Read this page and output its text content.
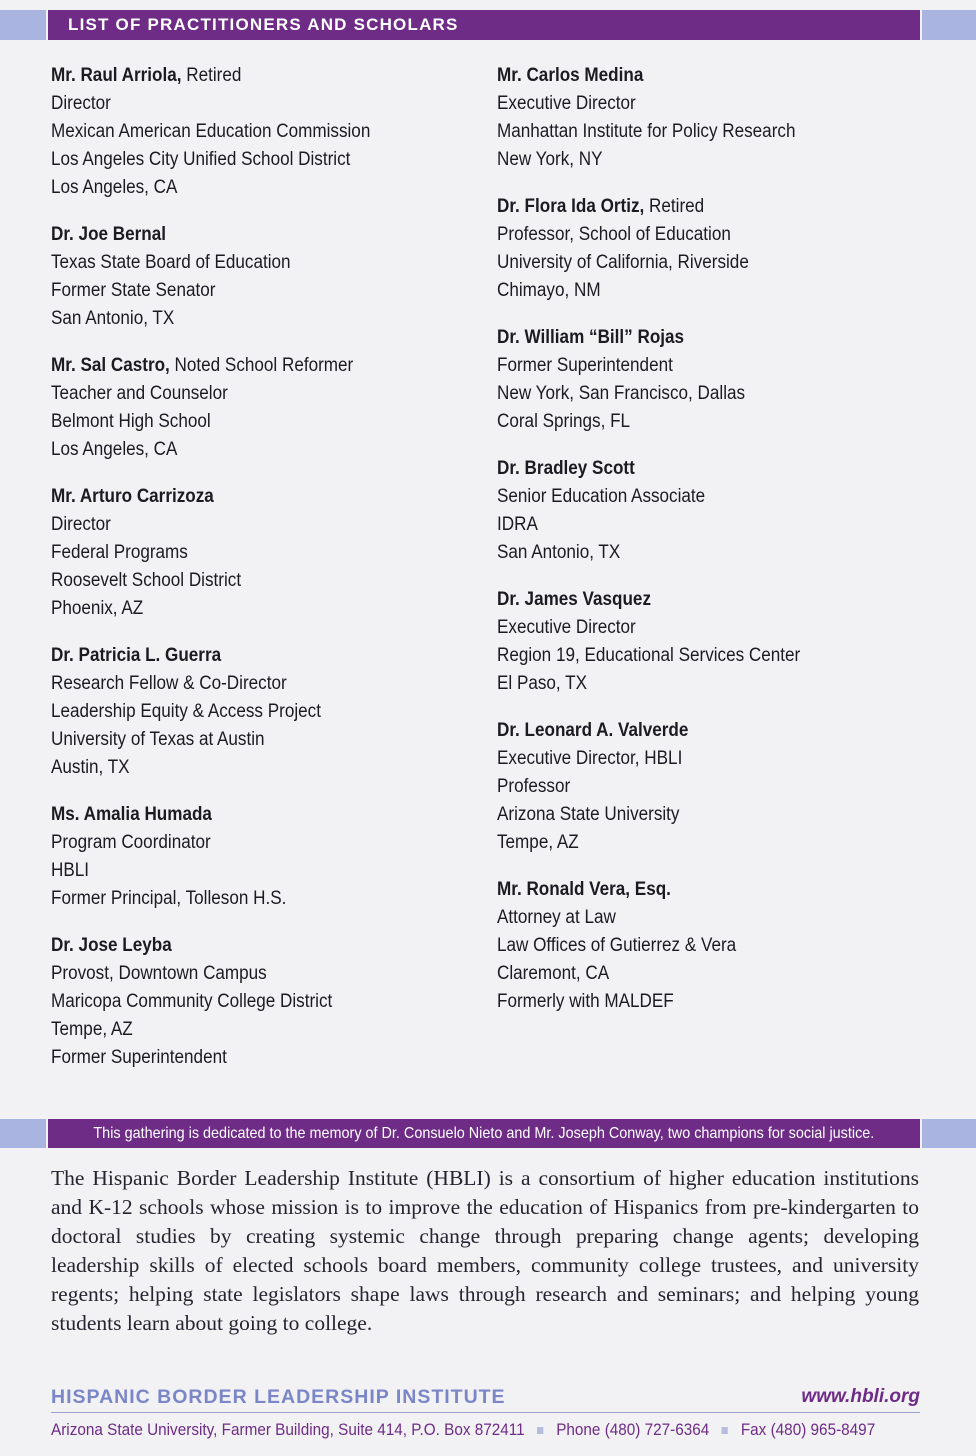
LIST OF PRACTITIONERS AND SCHOLARS
Mr. Raul Arriola, Retired
Director
Mexican American Education Commission
Los Angeles City Unified School District
Los Angeles, CA
Dr. Joe Bernal
Texas State Board of Education
Former State Senator
San Antonio, TX
Mr. Sal Castro, Noted School Reformer
Teacher and Counselor
Belmont High School
Los Angeles, CA
Mr. Arturo Carrizoza
Director
Federal Programs
Roosevelt School District
Phoenix, AZ
Dr. Patricia L. Guerra
Research Fellow & Co-Director
Leadership Equity & Access Project
University of Texas at Austin
Austin, TX
Ms. Amalia Humada
Program Coordinator
HBLI
Former Principal, Tolleson H.S.
Dr. Jose Leyba
Provost, Downtown Campus
Maricopa Community College District
Tempe, AZ
Former Superintendent
Mr. Carlos Medina
Executive Director
Manhattan Institute for Policy Research
New York, NY
Dr. Flora Ida Ortiz, Retired
Professor, School of Education
University of California, Riverside
Chimayo, NM
Dr. William “Bill” Rojas
Former Superintendent
New York, San Francisco, Dallas
Coral Springs, FL
Dr. Bradley Scott
Senior Education Associate
IDRA
San Antonio, TX
Dr. James Vasquez
Executive Director
Region 19, Educational Services Center
El Paso, TX
Dr. Leonard A. Valverde
Executive Director, HBLI
Professor
Arizona State University
Tempe, AZ
Mr. Ronald Vera, Esq.
Attorney at Law
Law Offices of Gutierrez & Vera
Claremont, CA
Formerly with MALDEF
This gathering is dedicated to the memory of Dr. Consuelo Nieto and Mr. Joseph Conway, two champions for social justice.
The Hispanic Border Leadership Institute (HBLI) is a consortium of higher education institutions and K-12 schools whose mission is to improve the education of Hispanics from pre-kindergarten to doctoral studies by creating systemic change through preparing change agents; developing leadership skills of elected schools board members, community college trustees, and university regents; helping state legislators shape laws through research and seminars; and helping young students learn about going to college.
HISPANIC BORDER LEADERSHIP INSTITUTE	www.hbli.org
Arizona State University, Farmer Building, Suite 414, P.O. Box 872411 Phone (480) 727-6364 Fax (480) 965-8497
